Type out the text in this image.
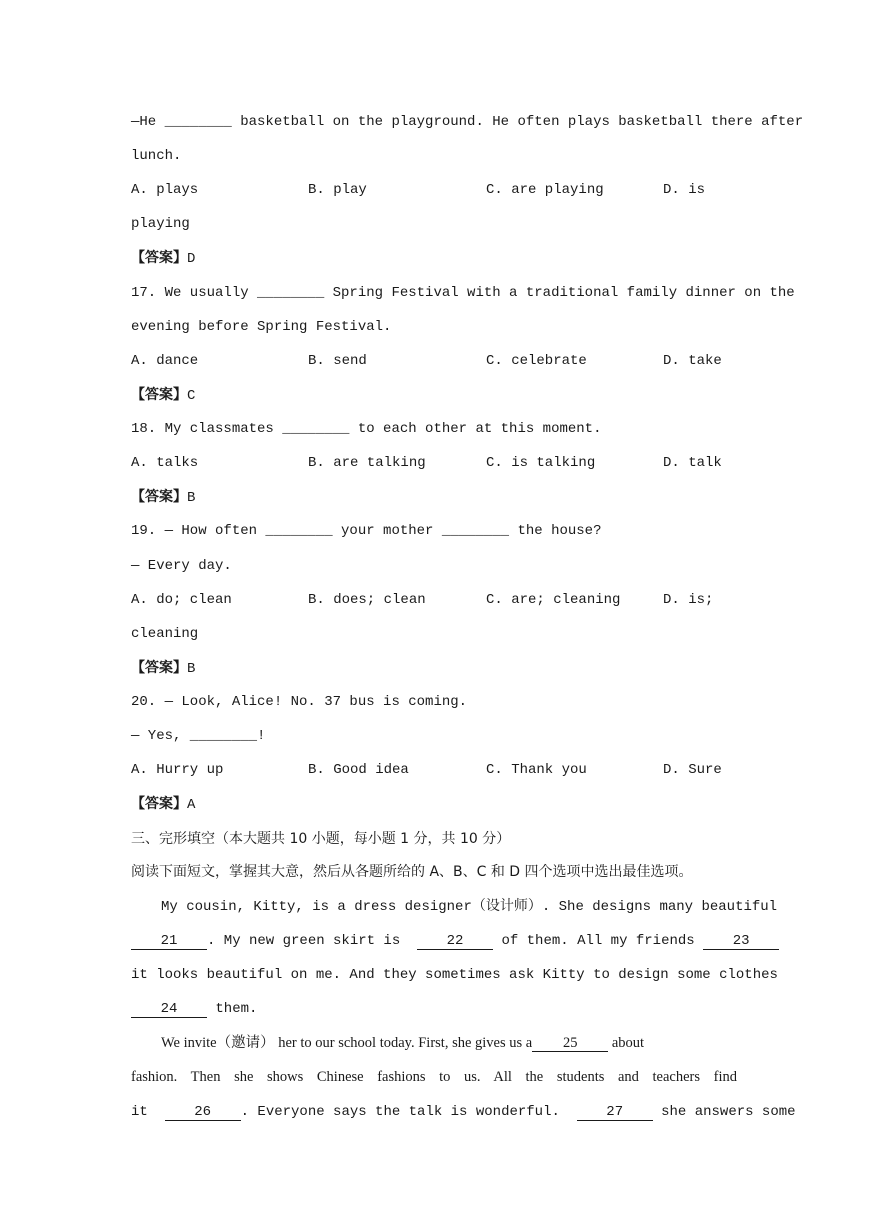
—He ________ basketball on the playground. He often plays basketball there after
lunch.
A. plays	B. play	C. are playing	D. is
playing
【答案】D
17. We usually ________ Spring Festival with a traditional family dinner on the
evening before Spring Festival.
A. dance	B. send	C. celebrate	D. take
【答案】C
18. My classmates ________ to each other at this moment.
A. talks	B. are talking	C. is talking	D. talk
【答案】B
19. — How often ________ your mother ________ the house?
— Every day.
A. do; clean	B. does; clean	C. are; cleaning	D. is;
cleaning
【答案】B
20. — Look, Alice! No. 37 bus is coming.
— Yes, ________!
A. Hurry up	B. Good idea	C. Thank you	D. Sure
【答案】A
三、完形填空（本大题共 10 小题，每小题 1 分，共 10 分）
阅读下面短文，掌握其大意，然后从各题所给的 A、B、C 和 D 四个选项中选出最佳选项。
My cousin, Kitty, is a dress designer（设计师）. She designs many beautiful
21 . My new green skirt is	22	of them. All my friends	23
it looks beautiful on me. And they sometimes ask Kitty to design some clothes
24	them.
We invite（邀请） her to our school today. First, she gives us a 25 about
fashion. Then she shows Chinese fashions to us. All the students and teachers find
it	26 . Everyone says the talk is wonderful.	27	she answers some
